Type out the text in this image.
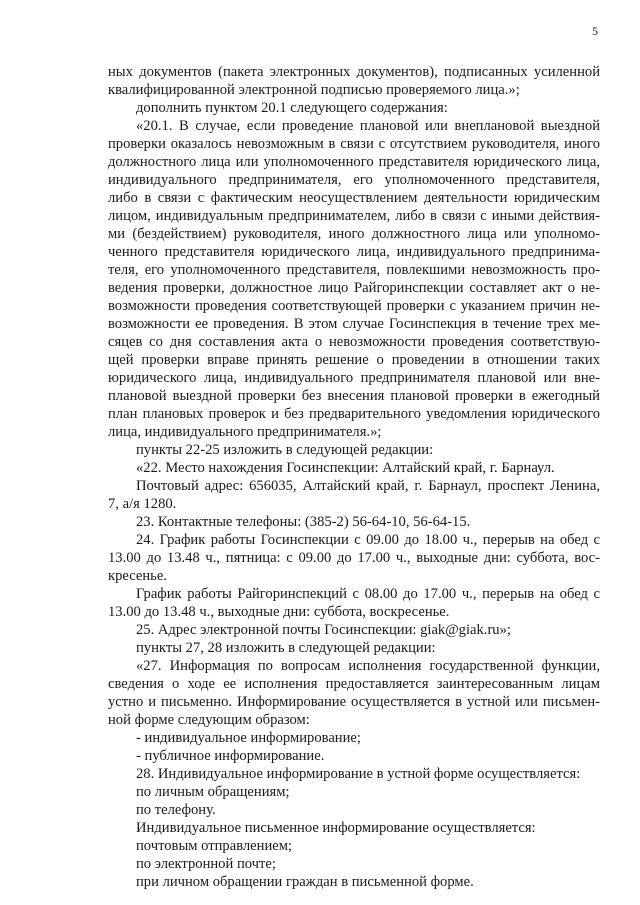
5
ных документов (пакета электронных документов), подписанных усиленной
квалифицированной электронной подписью проверяемого лица.»;
дополнить пунктом 20.1 следующего содержания:
«20.1. В случае, если проведение плановой или внеплановой выездной
проверки оказалось невозможным в связи с отсутствием руководителя, иного
должностного лица или уполномоченного представителя юридического лица,
индивидуального предпринимателя, его уполномоченного представителя,
либо в связи с фактическим неосуществлением деятельности юридическим
лицом, индивидуальным предпринимателем, либо в связи с иными действия-
ми (бездействием) руководителя, иного должностного лица или уполномо-
ченного представителя юридического лица, индивидуального предпринима-
теля, его уполномоченного представителя, повлекшими невозможность про-
ведения проверки, должностное лицо Райгоринспекции составляет акт о не-
возможности проведения соответствующей проверки с указанием причин не-
возможности ее проведения. В этом случае Госинспекция в течение трех ме-
сяцев со дня составления акта о невозможности проведения соответствую-
щей проверки вправе принять решение о проведении в отношении таких
юридического лица, индивидуального предпринимателя плановой или вне-
плановой выездной проверки без внесения плановой проверки в ежегодный
план плановых проверок и без предварительного уведомления юридического
лица, индивидуального предпринимателя.»;
пункты 22-25 изложить в следующей редакции:
«22. Место нахождения Госинспекции: Алтайский край, г. Барнаул.
Почтовый адрес: 656035, Алтайский край, г. Барнаул, проспект Ленина,
7, а/я 1280.
23. Контактные телефоны: (385-2) 56-64-10, 56-64-15.
24. График работы Госинспекции с 09.00 до 18.00 ч., перерыв на обед с
13.00 до 13.48 ч., пятница: с 09.00 до 17.00 ч., выходные дни: суббота, вос-
кресенье.
График работы Райгоринспекций с 08.00 до 17.00 ч., перерыв на обед с
13.00 до 13.48 ч., выходные дни: суббота, воскресенье.
25. Адрес электронной почты Госинспекции: giak@giak.ru»;
пункты 27, 28 изложить в следующей редакции:
«27. Информация по вопросам исполнения государственной функции,
сведения о ходе ее исполнения предоставляется заинтересованным лицам
устно и письменно. Информирование осуществляется в устной или письмен-
ной форме следующим образом:
- индивидуальное информирование;
- публичное информирование.
28. Индивидуальное информирование в устной форме осуществляется:
по личным обращениям;
по телефону.
Индивидуальное письменное информирование осуществляется:
почтовым отправлением;
по электронной почте;
при личном обращении граждан в письменной форме.
